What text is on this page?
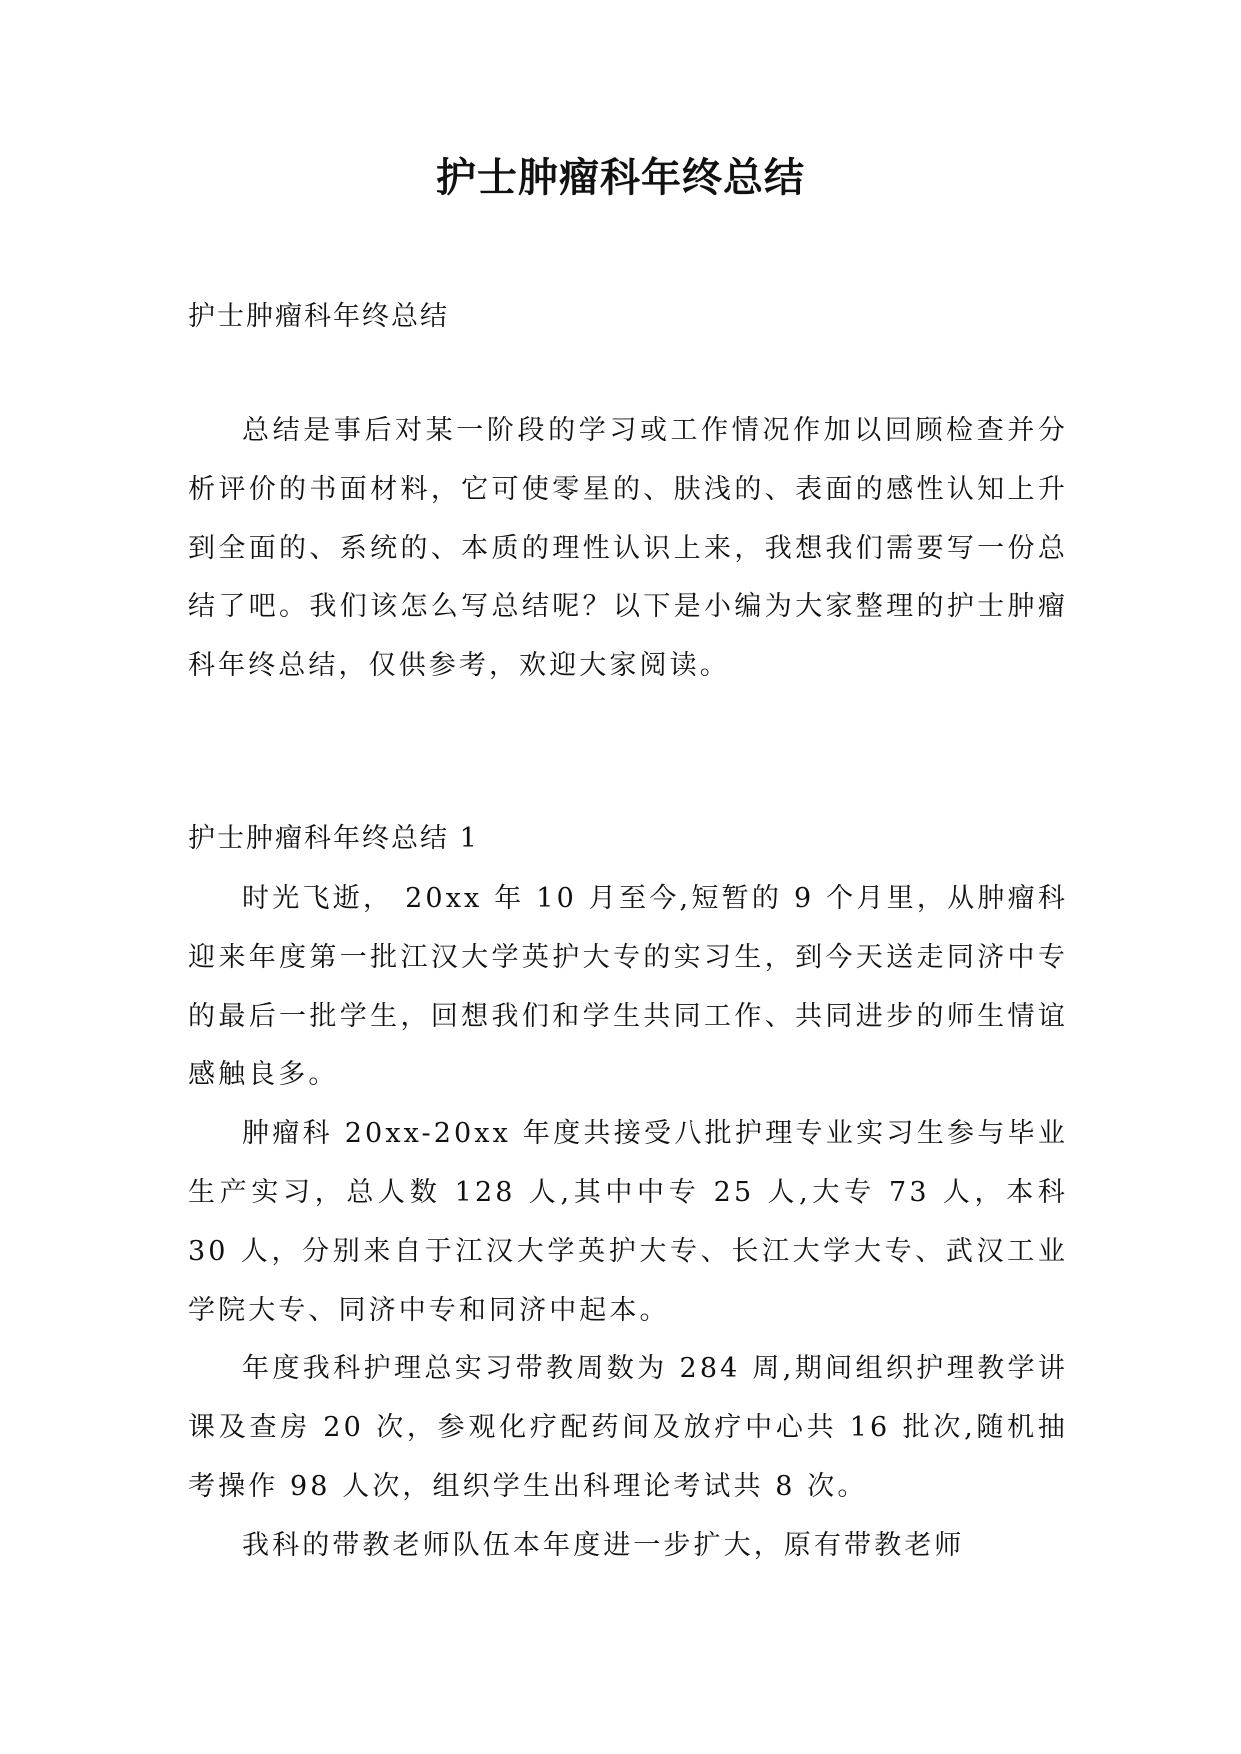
护士肿瘤科年终总结
护士肿瘤科年终总结

总结是事后对某一阶段的学习或工作情况作加以回顾检查并分析评价的书面材料，它可使零星的、肤浅的、表面的感性认知上升到全面的、系统的、本质的理性认识上来，我想我们需要写一份总结了吧。我们该怎么写总结呢？以下是小编为大家整理的护士肿瘤科年终总结，仅供参考，欢迎大家阅读。

护士肿瘤科年终总结 1

时光飞逝， 20xx 年 10 月至今,短暂的 9 个月里，从肿瘤科迎来年度第一批江汉大学英护大专的实习生，到今天送走同济中专的最后一批学生，回想我们和学生共同工作、共同进步的师生情谊感触良多。

肿瘤科 20xx-20xx 年度共接受八批护理专业实习生参与毕业生产实习，总人数 128 人,其中中专 25 人,大专 73 人，本科 30 人，分别来自于江汉大学英护大专、长江大学大专、武汉工业学院大专、同济中专和同济中起本。

年度我科护理总实习带教周数为 284 周,期间组织护理教学讲课及查房 20 次，参观化疗配药间及放疗中心共 16 批次,随机抽考操作 98 人次，组织学生出科理论考试共 8 次。

我科的带教老师队伍本年度进一步扩大，原有带教老师
